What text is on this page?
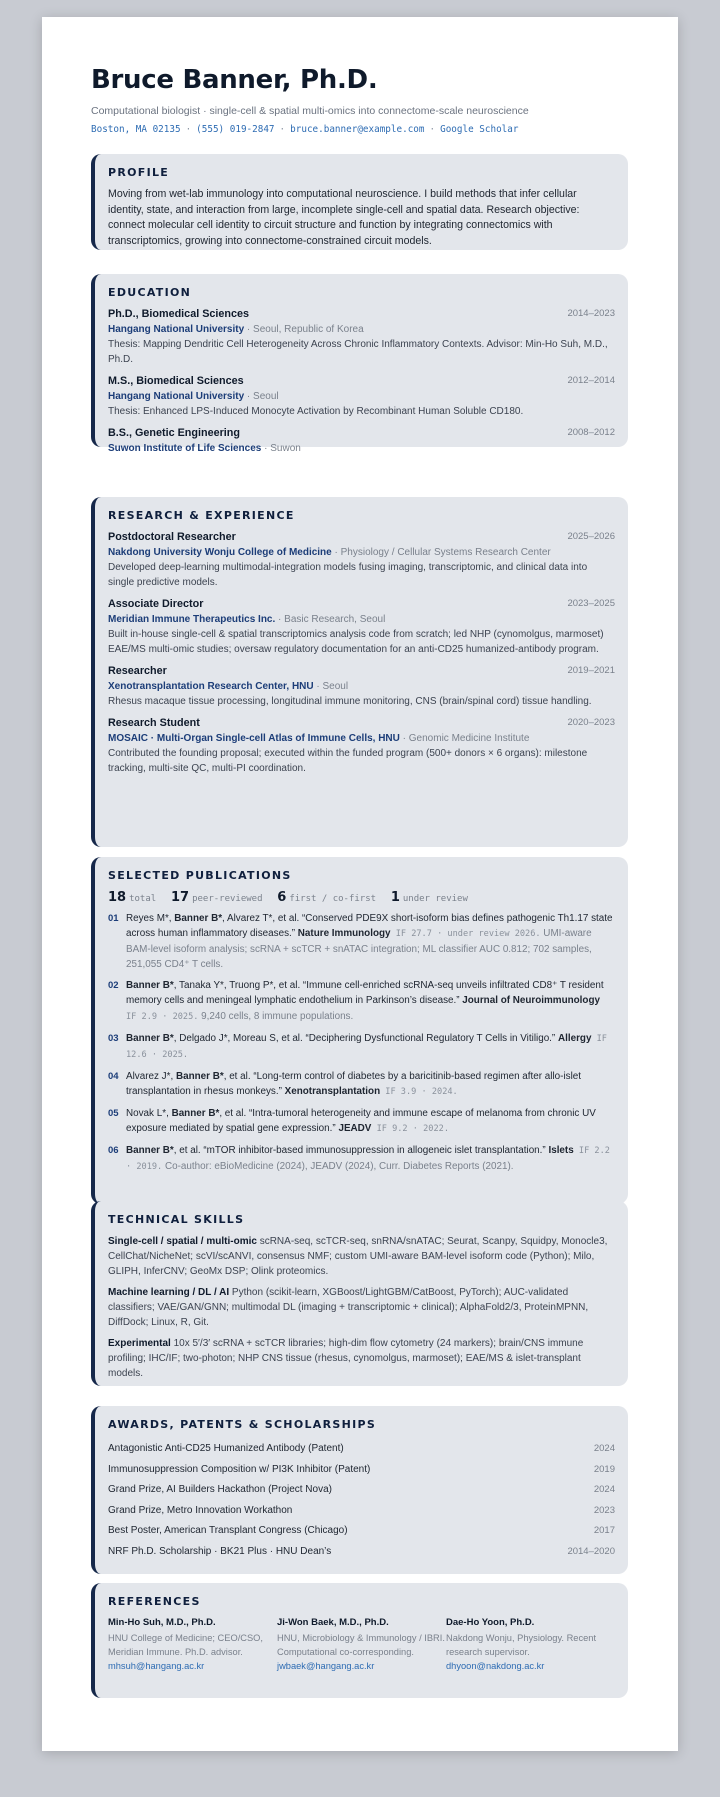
Bruce Banner, Ph.D.
Computational biologist · single-cell & spatial multi-omics into connectome-scale neuroscience
Boston, MA 02135 · (555) 019-2847 · bruce.banner@example.com · Google Scholar
PROFILE
Moving from wet-lab immunology into computational neuroscience. I build methods that infer cellular identity, state, and interaction from large, incomplete single-cell and spatial data. Research objective: connect molecular cell identity to circuit structure and function by integrating connectomics with transcriptomics, growing into connectome-constrained circuit models.
EDUCATION
Ph.D., Biomedical Sciences	2014–2023
Hangang National University · Seoul, Republic of Korea
Thesis: Mapping Dendritic Cell Heterogeneity Across Chronic Inflammatory Contexts. Advisor: Min-Ho Suh, M.D., Ph.D.
M.S., Biomedical Sciences	2012–2014
Hangang National University · Seoul
Thesis: Enhanced LPS-Induced Monocyte Activation by Recombinant Human Soluble CD180.
B.S., Genetic Engineering	2008–2012
Suwon Institute of Life Sciences · Suwon
RESEARCH & EXPERIENCE
Postdoctoral Researcher	2025–2026
Nakdong University Wonju College of Medicine · Physiology / Cellular Systems Research Center
Developed deep-learning multimodal-integration models fusing imaging, transcriptomic, and clinical data into single predictive models.
Associate Director	2023–2025
Meridian Immune Therapeutics Inc. · Basic Research, Seoul
Built in-house single-cell & spatial transcriptomics analysis code from scratch; led NHP (cynomolgus, marmoset) EAE/MS multi-omic studies; oversaw regulatory documentation for an anti-CD25 humanized-antibody program.
Researcher	2019–2021
Xenotransplantation Research Center, HNU · Seoul
Rhesus macaque tissue processing, longitudinal immune monitoring, CNS (brain/spinal cord) tissue handling.
Research Student	2020–2023
MOSAIC · Multi-Organ Single-cell Atlas of Immune Cells, HNU · Genomic Medicine Institute
Contributed the founding proposal; executed within the funded program (500+ donors × 6 organs): milestone tracking, multi-site QC, multi-PI coordination.
SELECTED PUBLICATIONS
18 total 17 peer-reviewed 6 first / co-first 1 under review
01 Reyes M*, Banner B*, Alvarez T*, et al. “Conserved PDE9X short-isoform bias defines pathogenic Th1.17 state across human inflammatory diseases.” Nature Immunology IF 27.7 · under review 2026. UMI-aware BAM-level isoform analysis; scRNA + scTCR + snATAC integration; ML classifier AUC 0.812; 702 samples, 251,055 CD4⁺ T cells.
02 Banner B*, Tanaka Y*, Truong P*, et al. “Immune cell-enriched scRNA-seq unveils infiltrated CD8⁺ T resident memory cells and meningeal lymphatic endothelium in Parkinson’s disease.” Journal of Neuroimmunology IF 2.9 · 2025. 9,240 cells, 8 immune populations.
03 Banner B*, Delgado J*, Moreau S, et al. “Deciphering Dysfunctional Regulatory T Cells in Vitiligo.” Allergy IF 12.6 · 2025.
04 Alvarez J*, Banner B*, et al. “Long-term control of diabetes by a baricitinib-based regimen after allo-islet transplantation in rhesus monkeys.” Xenotransplantation IF 3.9 · 2024.
05 Novak L*, Banner B*, et al. “Intra-tumoral heterogeneity and immune escape of melanoma from chronic UV exposure mediated by spatial gene expression.” JEADV IF 9.2 · 2022.
06 Banner B*, et al. “mTOR inhibitor-based immunosuppression in allogeneic islet transplantation.” Islets IF 2.2 · 2019. Co-author: eBioMedicine (2024), JEADV (2024), Curr. Diabetes Reports (2021).
TECHNICAL SKILLS
Single-cell / spatial / multi-omic scRNA-seq, scTCR-seq, snRNA/snATAC; Seurat, Scanpy, Squidpy, Monocle3, CellChat/NicheNet; scVI/scANVI, consensus NMF; custom UMI-aware BAM-level isoform code (Python); Milo, GLIPH, InferCNV; GeoMx DSP; Olink proteomics.
Machine learning / DL / AI Python (scikit-learn, XGBoost/LightGBM/CatBoost, PyTorch); AUC-validated classifiers; VAE/GAN/GNN; multimodal DL (imaging + transcriptomic + clinical); AlphaFold2/3, ProteinMPNN, DiffDock; Linux, R, Git.
Experimental 10x 5′/3′ scRNA + scTCR libraries; high-dim flow cytometry (24 markers); brain/CNS immune profiling; IHC/IF; two-photon; NHP CNS tissue (rhesus, cynomolgus, marmoset); EAE/MS & islet-transplant models.
AWARDS, PATENTS & SCHOLARSHIPS
Antagonistic Anti-CD25 Humanized Antibody (Patent)	2024
Immunosuppression Composition w/ PI3K Inhibitor (Patent)	2019
Grand Prize, AI Builders Hackathon (Project Nova)	2024
Grand Prize, Metro Innovation Workathon	2023
Best Poster, American Transplant Congress (Chicago)	2017
NRF Ph.D. Scholarship · BK21 Plus · HNU Dean’s	2014–2020
REFERENCES
Min-Ho Suh, M.D., Ph.D.
HNU College of Medicine; CEO/CSO, Meridian Immune. Ph.D. advisor.
mhsuh@hangang.ac.kr
Ji-Won Baek, M.D., Ph.D.
HNU, Microbiology & Immunology / IBRI. Computational co-corresponding.
jwbaek@hangang.ac.kr
Dae-Ho Yoon, Ph.D.
Nakdong Wonju, Physiology. Recent research supervisor.
dhyoon@nakdong.ac.kr
